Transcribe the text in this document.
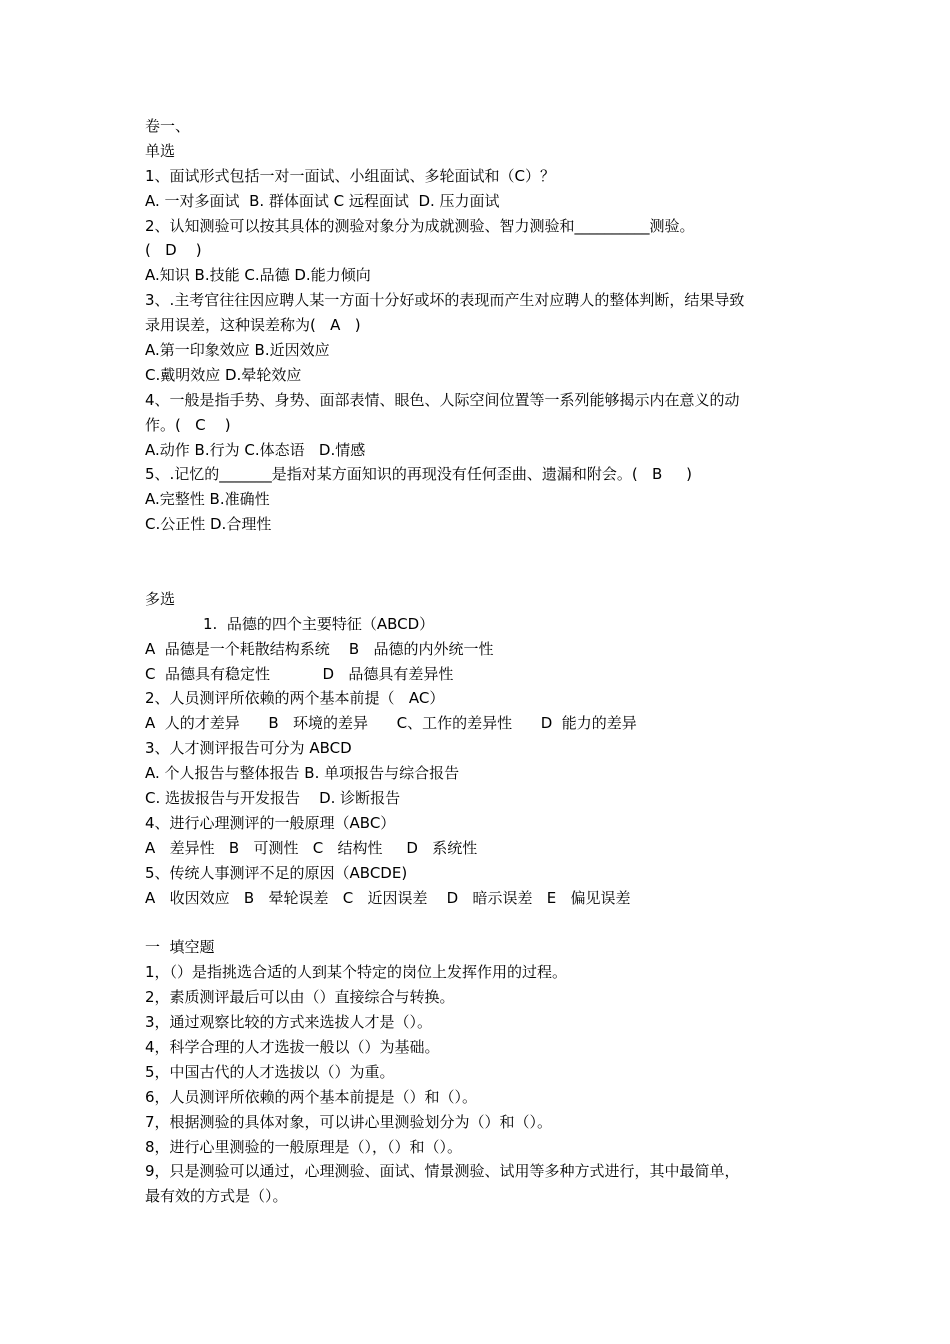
卷一、
单选
1、面试形式包括一对一面试、小组面试、多轮面试和（C）？
A. 一对多面试  B. 群体面试 C 远程面试  D. 压力面试
2、认知测验可以按其具体的测验对象分为成就测验、智力测验和__________测验。
(   D    )
A.知识 B.技能 C.品德 D.能力倾向
3、.主考官往往因应聘人某一方面十分好或坏的表现而产生对应聘人的整体判断，结果导致
录用误差，这种误差称为(   A   )
A.第一印象效应 B.近因效应
C.戴明效应 D.晕轮效应
4、一般是指手势、身势、面部表情、眼色、人际空间位置等一系列能够揭示内在意义的动
作。(   C    )
A.动作 B.行为 C.体态语   D.情感
5、.记忆的_______是指对某方面知识的再现没有任何歪曲、遗漏和附会。(   B     )
A.完整性 B.准确性
C.公正性 D.合理性
多选
1.  品德的四个主要特征（ABCD）
A  品德是一个耗散结构系统    B   品德的内外统一性
C  品德具有稳定性           D   品德具有差异性
2、人员测评所依赖的两个基本前提（   AC）
A  人的才差异      B   环境的差异      C、工作的差异性      D  能力的差异
3、人才测评报告可分为 ABCD
A. 个人报告与整体报告 B. 单项报告与综合报告
C. 选拔报告与开发报告    D. 诊断报告
4、进行心理测评的一般原理（ABC）
A   差异性   B   可测性   C   结构性     D   系统性
5、传统人事测评不足的原因（ABCDE)
A   收因效应   B   晕轮误差   C   近因误差    D   暗示误差   E   偏见误差
一  填空题
1，（）是指挑选合适的人到某个特定的岗位上发挥作用的过程。
2，素质测评最后可以由（）直接综合与转换。
3，通过观察比较的方式来选拔人才是（）。
4，科学合理的人才选拔一般以（）为基础。
5，中国古代的人才选拔以（）为重。
6，人员测评所依赖的两个基本前提是（）和（）。
7，根据测验的具体对象，可以讲心里测验划分为（）和（）。
8，进行心里测验的一般原理是（），（）和（）。
9，只是测验可以通过，心理测验、面试、情景测验、试用等多种方式进行，其中最简单，
最有效的方式是（）。
